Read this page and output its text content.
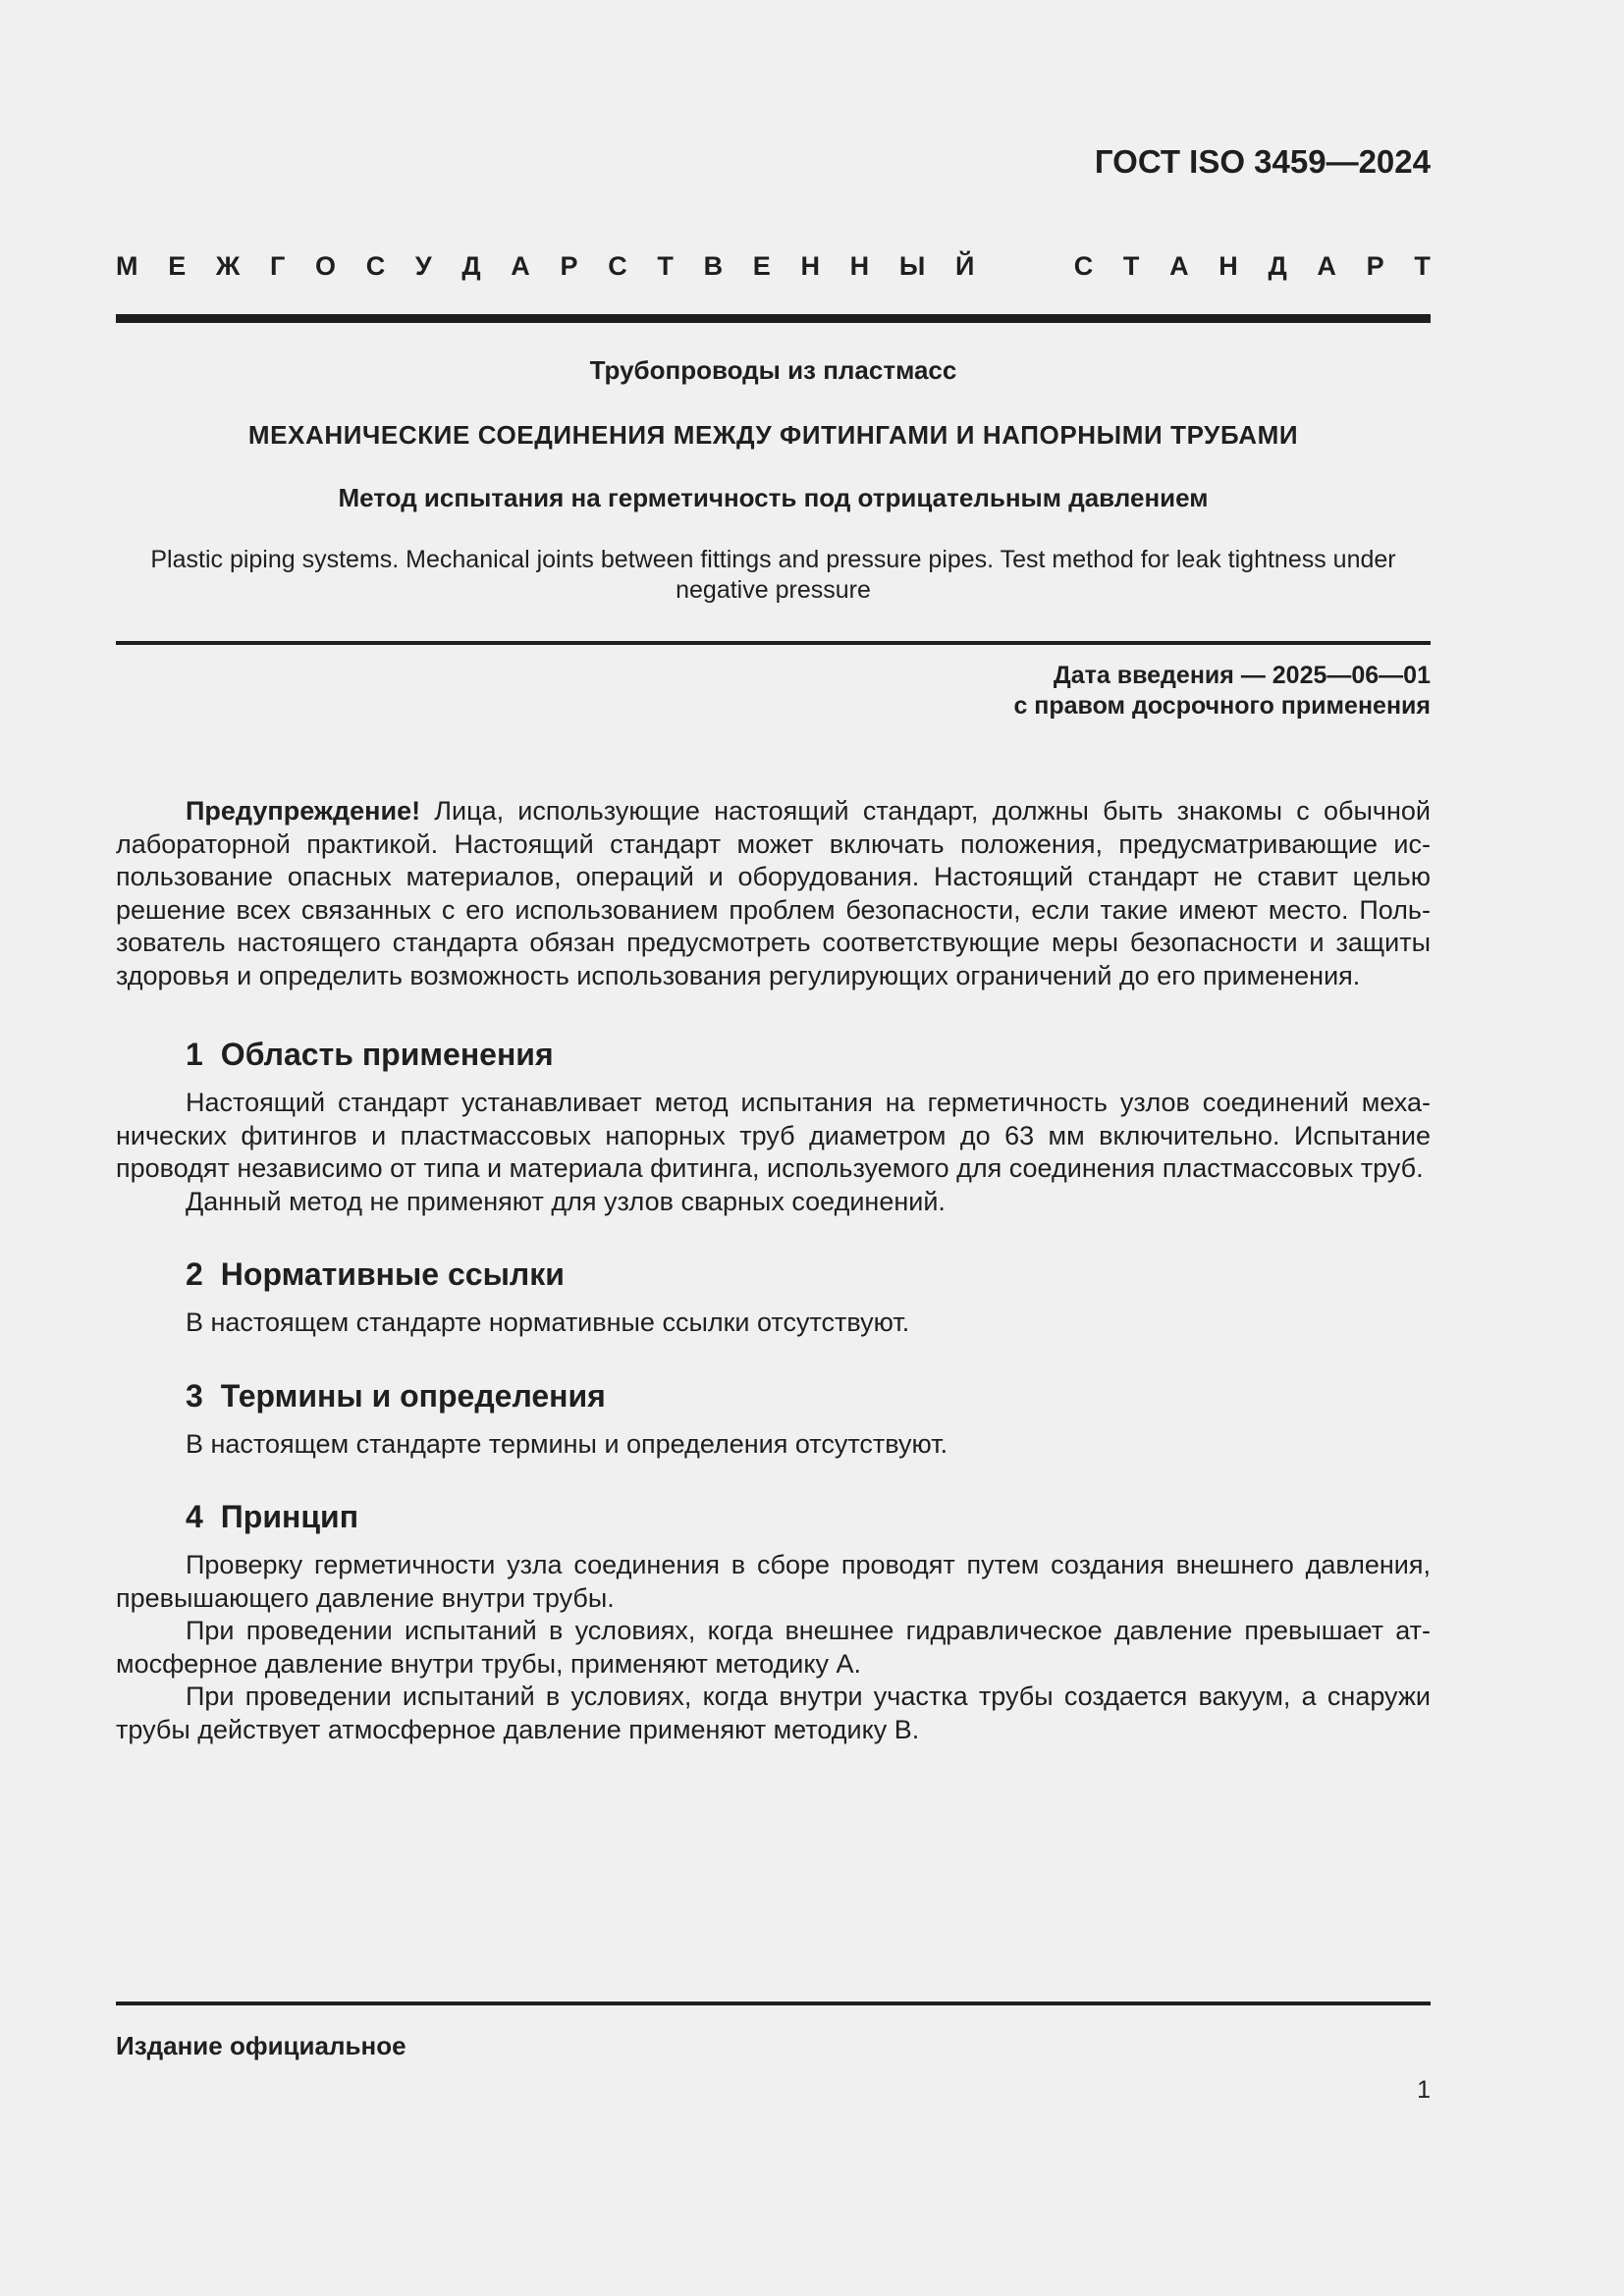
ГОСТ ISO 3459—2024
М Е Ж Г О С У Д А Р С Т В Е Н Н Ы Й	С Т А Н Д А Р Т

Трубопроводы из пластмасс

МЕХАНИЧЕСКИЕ СОЕДИНЕНИЯ МЕЖДУ ФИТИНГАМИ И НАПОРНЫМИ ТРУБАМИ

Метод испытания на герметичность под отрицательным давлением

Plastic piping systems. Mechanical joints between fittings and pressure pipes. Test method for leak tightness under negative pressure

Дата введения — 2025—06—01
с правом досрочного применения

Предупреждение! Лица, использующие настоящий стандарт, должны быть знакомы с обычной лабораторной практикой. Настоящий стандарт может включать положения, предусматривающие использование опасных материалов, операций и оборудования. Настоящий стандарт не ставит целью решение всех связанных с его использованием проблем безопасности, если такие имеют место. Пользователь настоящего стандарта обязан предусмотреть соответствующие меры безопасности и защиты здоровья и определить возможность использования регулирующих ограничений до его применения.

1 Область применения

Настоящий стандарт устанавливает метод испытания на герметичность узлов соединений механических фитингов и пластмассовых напорных труб диаметром до 63 мм включительно. Испытание проводят независимо от типа и материала фитинга, используемого для соединения пластмассовых труб.

Данный метод не применяют для узлов сварных соединений.

2 Нормативные ссылки

В настоящем стандарте нормативные ссылки отсутствуют.

3 Термины и определения

В настоящем стандарте термины и определения отсутствуют.

4 Принцип

Проверку герметичности узла соединения в сборе проводят путем создания внешнего давления, превышающего давление внутри трубы.

При проведении испытаний в условиях, когда внешнее гидравлическое давление превышает атмосферное давление внутри трубы, применяют методику А.

При проведении испытаний в условиях, когда внутри участка трубы создается вакуум, а снаружи трубы действует атмосферное давление применяют методику В.

Издание официальное
1
